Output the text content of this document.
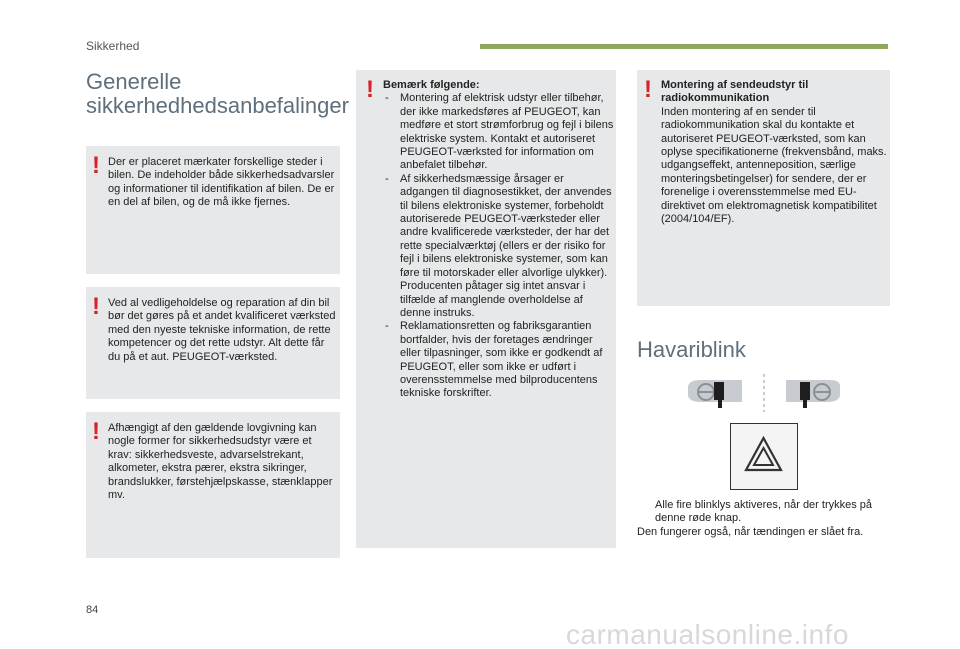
Sikkerhed
Generelle
sikkerhedhedsanbefalinger
! Der er placeret mærkater forskellige steder i bilen. De indeholder både sikkerhedsadvarsler og informationer til identifikation af bilen. De er en del af bilen, og de må ikke fjernes.
! Ved al vedligeholdelse og reparation af din bil bør det gøres på et andet kvalificeret værksted med den nyeste tekniske information, de rette kompetencer og det rette udstyr. Alt dette får du på et aut. PEUGEOT-værksted.
! Afhængigt af den gældende lovgivning kan nogle former for sikkerhedsudstyr være et krav: sikkerhedsveste, advarselstrekant, alkometer, ekstra pærer, ekstra sikringer, brandslukker, førstehjælpskasse, stænklapper mv.
! Bemærk følgende:
- Montering af elektrisk udstyr eller tilbehør, der ikke markedsføres af PEUGEOT, kan medføre et stort strømforbrug og fejl i bilens elektriske system. Kontakt et autoriseret PEUGEOT-værksted for information om anbefalet tilbehør.
- Af sikkerhedsmæssige årsager er adgangen til diagnosestikket, der anvendes til bilens elektroniske systemer, forbeholdt autoriserede PEUGEOT-værksteder eller andre kvalificerede værksteder, der har det rette specialværktøj (ellers er der risiko for fejl i bilens elektroniske systemer, som kan føre til motorskader eller alvorlige ulykker). Producenten påtager sig intet ansvar i tilfælde af manglende overholdelse af denne instruks.
- Reklamationsretten og fabriksgarantien bortfalder, hvis der foretages ændringer eller tilpasninger, som ikke er godkendt af PEUGEOT, eller som ikke er udført i overensstemmelse med bilproducentens tekniske forskrifter.
! Montering af sendeudstyr til radiokommunikation
Inden montering af en sender til radiokommunikation skal du kontakte et autoriseret PEUGEOT-værksted, som kan oplyse specifikationerne (frekvensbånd, maks. udgangseffekt, antenneposition, særlige monteringsbetingelser) for sendere, der er forenelige i overensstemmelse med EU-direktivet om elektromagnetisk kompatibilitet (2004/104/EF).
Havariblink
Alle fire blinklys aktiveres, når der trykkes på denne røde knap.
Den fungerer også, når tændingen er slået fra.
84
carmanualsonline.info
